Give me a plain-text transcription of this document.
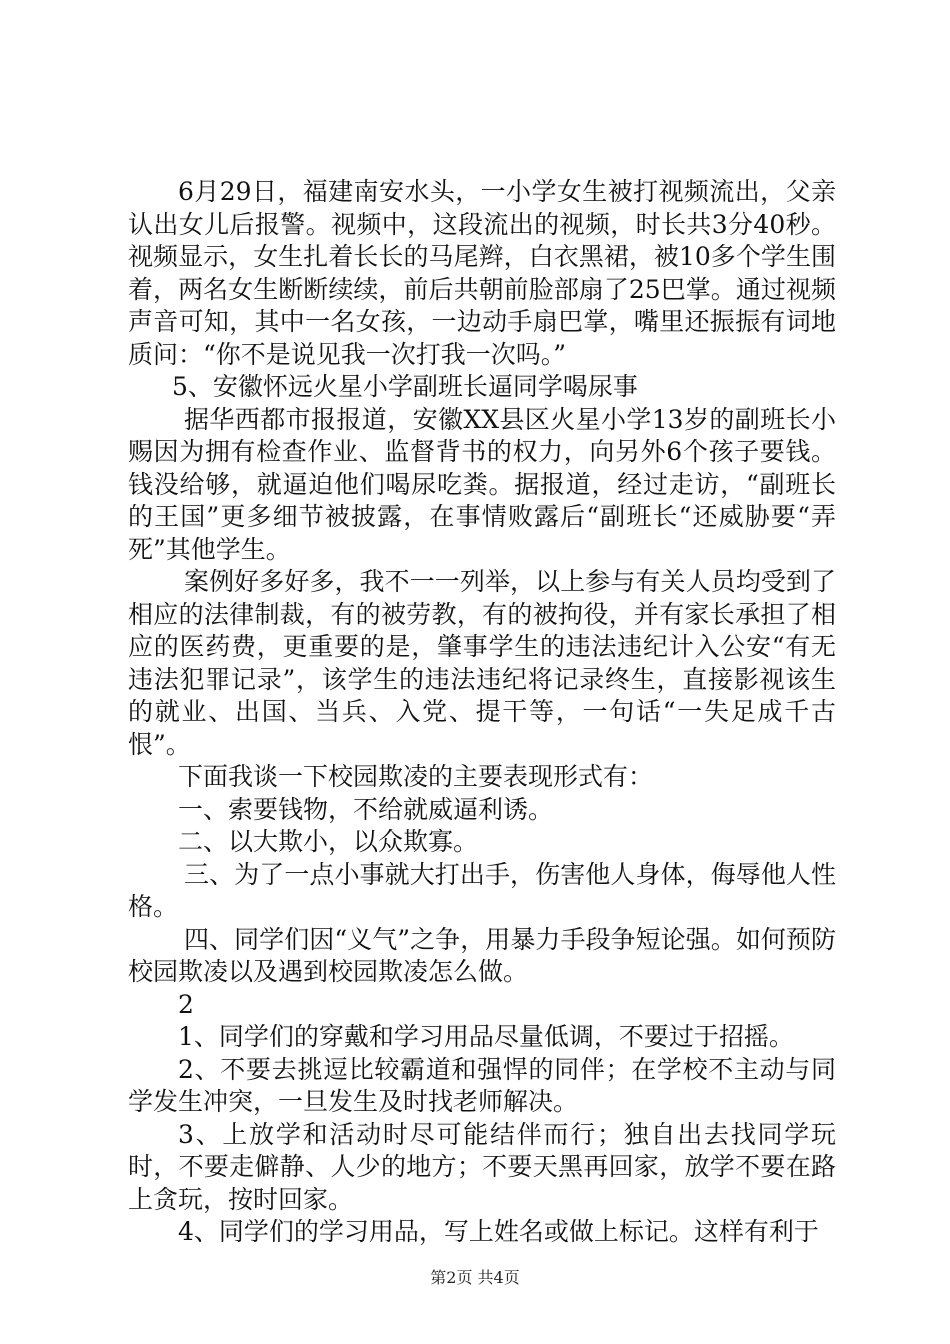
6月29日，福建南安水头，一小学女生被打视频流出，父亲认出女儿后报警。视频中，这段流出的视频，时长共3分40秒。视频显示，女生扎着长长的马尾辫，白衣黑裙，被10多个学生围着，两名女生断断续续，前后共朝前脸部扇了25巴掌。通过视频声音可知，其中一名女孩，一边动手扇巴掌，嘴里还振振有词地质问：“你不是说见我一次打我一次吗。”

5、安徽怀远火星小学副班长逼同学喝尿事

据华西都市报报道，安徽XX县区火星小学13岁的副班长小赐因为拥有检查作业、监督背书的权力，向另外6个孩子要钱。钱没给够，就逼迫他们喝尿吃粪。据报道，经过走访，“副班长的王国”更多细节被披露，在事情败露后“副班长“还威胁要“弄死”其他学生。

案例好多好多，我不一一列举，以上参与有关人员均受到了相应的法律制裁，有的被劳教，有的被拘役，并有家长承担了相应的医药费，更重要的是，肇事学生的违法违纪计入公安“有无违法犯罪记录”，该学生的违法违纪将记录终生，直接影视该生的就业、出国、当兵、入党、提干等，一句话“一失足成千古恨”。

下面我谈一下校园欺凌的主要表现形式有：

一、索要钱物，不给就威逼利诱。

二、以大欺小，以众欺寡。

三、为了一点小事就大打出手，伤害他人身体，侮辱他人性格。

四、同学们因“义气”之争，用暴力手段争短论强。如何预防校园欺凌以及遇到校园欺凌怎么做。

2

1、同学们的穿戴和学习用品尽量低调，不要过于招摇。

2、不要去挑逗比较霸道和强悍的同伴；在学校不主动与同学发生冲突，一旦发生及时找老师解决。

3、上放学和活动时尽可能结伴而行；独自出去找同学玩时，不要走僻静、人少的地方；不要天黑再回家，放学不要在路上贪玩，按时回家。

4、同学们的学习用品，写上姓名或做上标记。这样有利于

第2页 共4页
